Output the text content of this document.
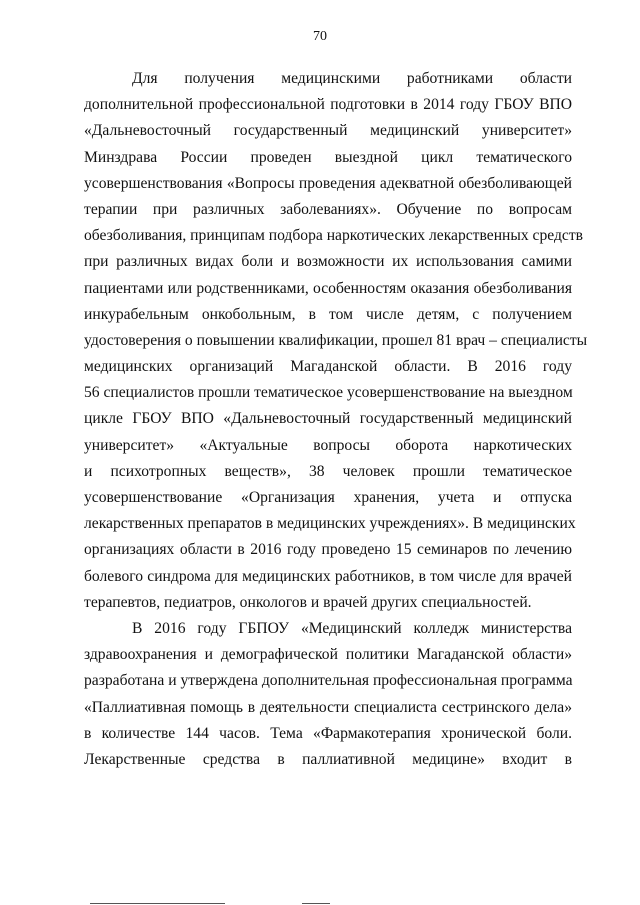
70
Для получения медицинскими работниками области
дополнительной профессиональной подготовки в 2014 году ГБОУ ВПО
«Дальневосточный государственный медицинский университет»
Минздрава России проведен выездной цикл тематического
усовершенствования «Вопросы проведения адекватной обезболивающей
терапии при различных заболеваниях». Обучение по вопросам
обезболивания, принципам подбора наркотических лекарственных средств
при различных видах боли и возможности их использования самими
пациентами или родственниками, особенностям оказания обезболивания
инкурабельным онкобольным, в том числе детям, с получением
удостоверения о повышении квалификации, прошел 81 врач – специалисты
медицинских организаций Магаданской области. В 2016 году
56 специалистов прошли тематическое усовершенствование на выездном
цикле ГБОУ ВПО «Дальневосточный государственный медицинский
университет» «Актуальные вопросы оборота наркотических
и психотропных веществ», 38 человек прошли тематическое
усовершенствование «Организация хранения, учета и отпуска
лекарственных препаратов в медицинских учреждениях». В медицинских
организациях области в 2016 году проведено 15 семинаров по лечению
болевого синдрома для медицинских работников, в том числе для врачей
терапевтов, педиатров, онкологов и врачей других специальностей.
В 2016 году ГБПОУ «Медицинский колледж министерства
здравоохранения и демографической политики Магаданской области»
разработана и утверждена дополнительная профессиональная программа
«Паллиативная помощь в деятельности специалиста сестринского дела»
в количестве 144 часов. Тема «Фармакотерапия хронической боли.
Лекарственные средства в паллиативной медицине» входит в
